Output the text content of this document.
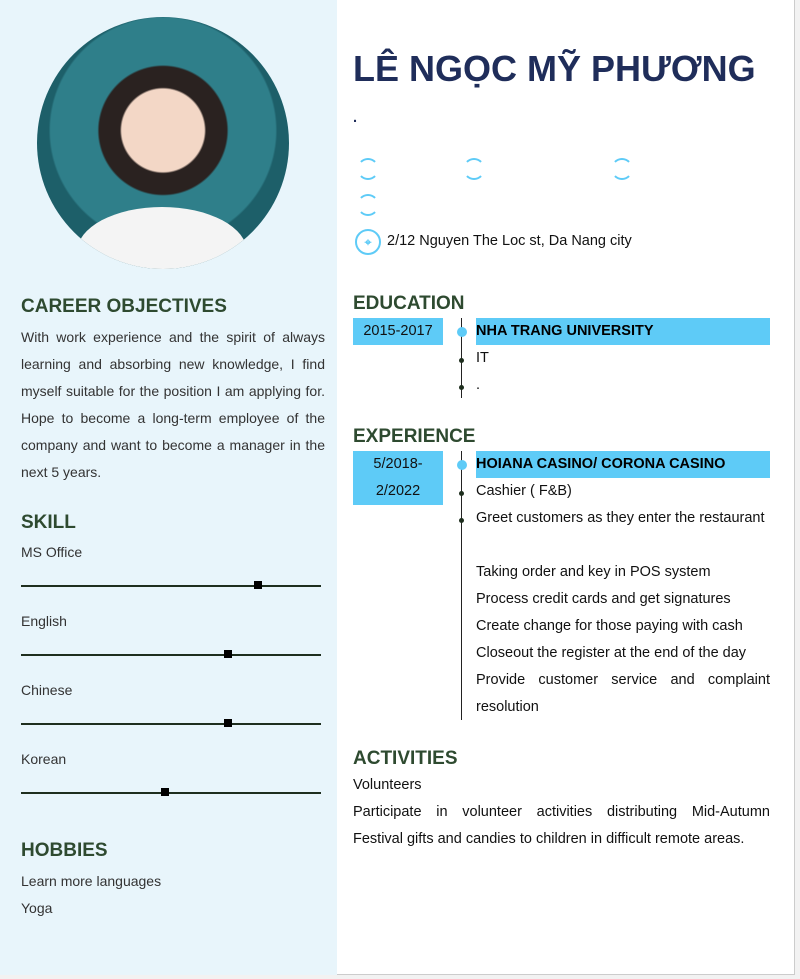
CAREER OBJECTIVES
With work experience and the spirit of always learning and absorbing new knowledge, I find myself suitable for the position I am applying for. Hope to become a long-term employee of the company and want to become a manager in the next 5 years.
SKILL
MS Office
English
Chinese
Korean
HOBBIES
Learn more languages
Yoga
LÊ NGỌC MỸ PHƯƠNG
.
⌖	2/12 Nguyen The Loc st, Da Nang city
EDUCATION
2015-2017	NHA TRANG UNIVERSITY
IT
.
EXPERIENCE
5/2018-
2/2022
HOIANA CASINO/ CORONA CASINO
Cashier ( F&B)
Greet customers as they enter the restaurant
Taking order and key in POS system
Process credit cards and get signatures
Create change for those paying with cash
Closeout the register at the end of the day
Provide customer service and complaint resolution
ACTIVITIES
Volunteers
Participate in volunteer activities distributing Mid-Autumn Festival gifts and candies to children in difficult remote areas.
